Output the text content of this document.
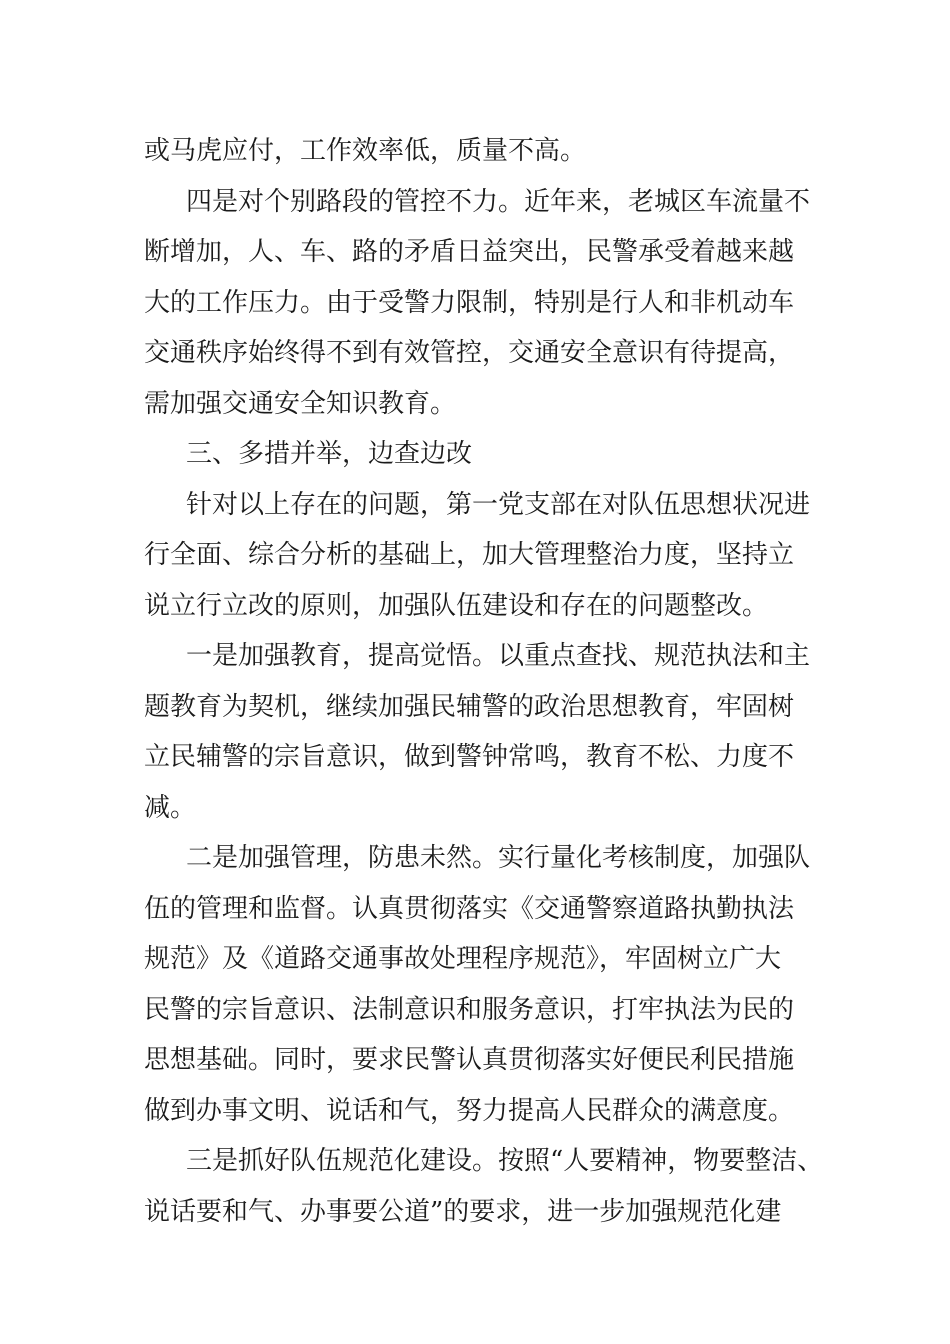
或马虎应付，工作效率低，质量不高。
四是对个别路段的管控不力。近年来，老城区车流量不
断增加，人、车、路的矛盾日益突出，民警承受着越来越
大的工作压力。由于受警力限制，特别是行人和非机动车
交通秩序始终得不到有效管控，交通安全意识有待提高，
需加强交通安全知识教育。
三、多措并举，边查边改
针对以上存在的问题，第一党支部在对队伍思想状况进
行全面、综合分析的基础上，加大管理整治力度，坚持立
说立行立改的原则，加强队伍建设和存在的问题整改。
一是加强教育，提高觉悟。以重点查找、规范执法和主
题教育为契机，继续加强民辅警的政治思想教育，牢固树
立民辅警的宗旨意识，做到警钟常鸣，教育不松、力度不
减。
二是加强管理，防患未然。实行量化考核制度，加强队
伍的管理和监督。认真贯彻落实《交通警察道路执勤执法
规范》及《道路交通事故处理程序规范》，牢固树立广大
民警的宗旨意识、法制意识和服务意识，打牢执法为民的
思想基础。同时，要求民警认真贯彻落实好便民利民措施
做到办事文明、说话和气，努力提高人民群众的满意度。
三是抓好队伍规范化建设。按照“人要精神，物要整洁、
说话要和气、办事要公道”的要求，进一步加强规范化建
